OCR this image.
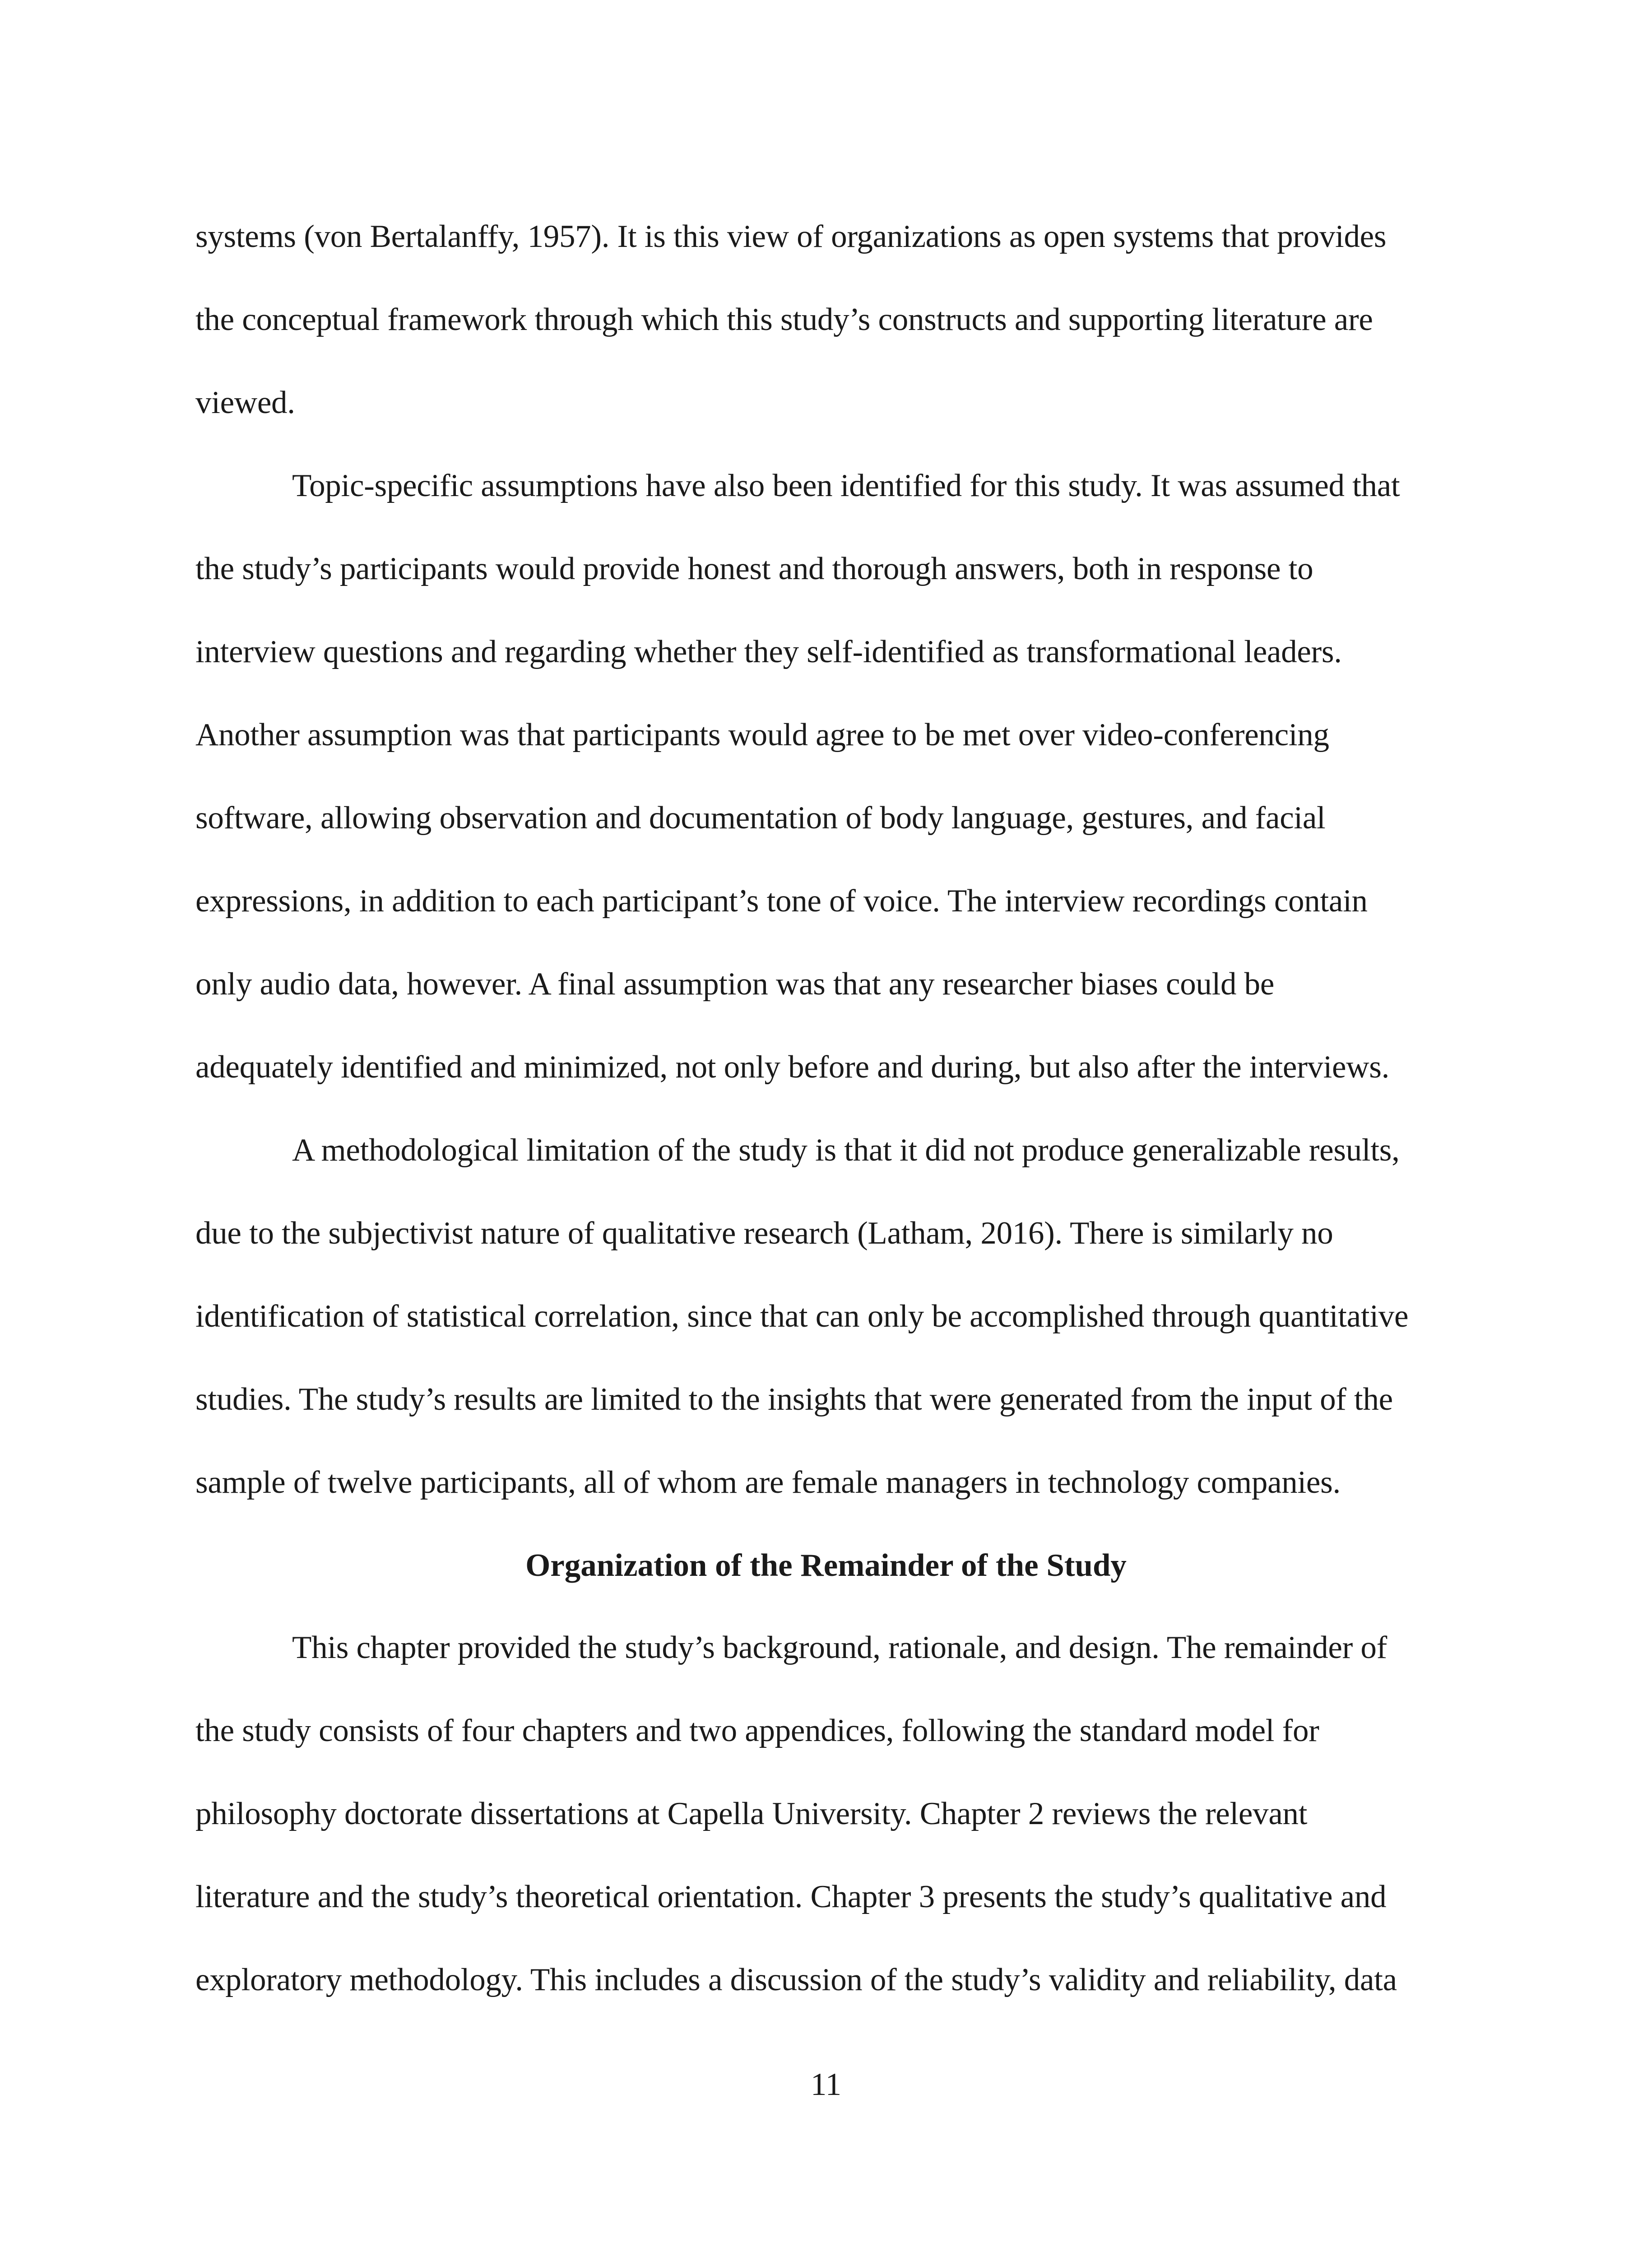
systems (von Bertalanffy, 1957). It is this view of organizations as open systems that provides

the conceptual framework through which this study’s constructs and supporting literature are

viewed.

Topic-specific assumptions have also been identified for this study. It was assumed that

the study’s participants would provide honest and thorough answers, both in response to

interview questions and regarding whether they self-identified as transformational leaders.

Another assumption was that participants would agree to be met over video-conferencing

software, allowing observation and documentation of body language, gestures, and facial

expressions, in addition to each participant’s tone of voice. The interview recordings contain

only audio data, however. A final assumption was that any researcher biases could be

adequately identified and minimized, not only before and during, but also after the interviews.

A methodological limitation of the study is that it did not produce generalizable results,

due to the subjectivist nature of qualitative research (Latham, 2016). There is similarly no

identification of statistical correlation, since that can only be accomplished through quantitative

studies. The study’s results are limited to the insights that were generated from the input of the

sample of twelve participants, all of whom are female managers in technology companies.

Organization of the Remainder of the Study

This chapter provided the study’s background, rationale, and design. The remainder of

the study consists of four chapters and two appendices, following the standard model for

philosophy doctorate dissertations at Capella University. Chapter 2 reviews the relevant

literature and the study’s theoretical orientation. Chapter 3 presents the study’s qualitative and

exploratory methodology. This includes a discussion of the study’s validity and reliability, data

11
